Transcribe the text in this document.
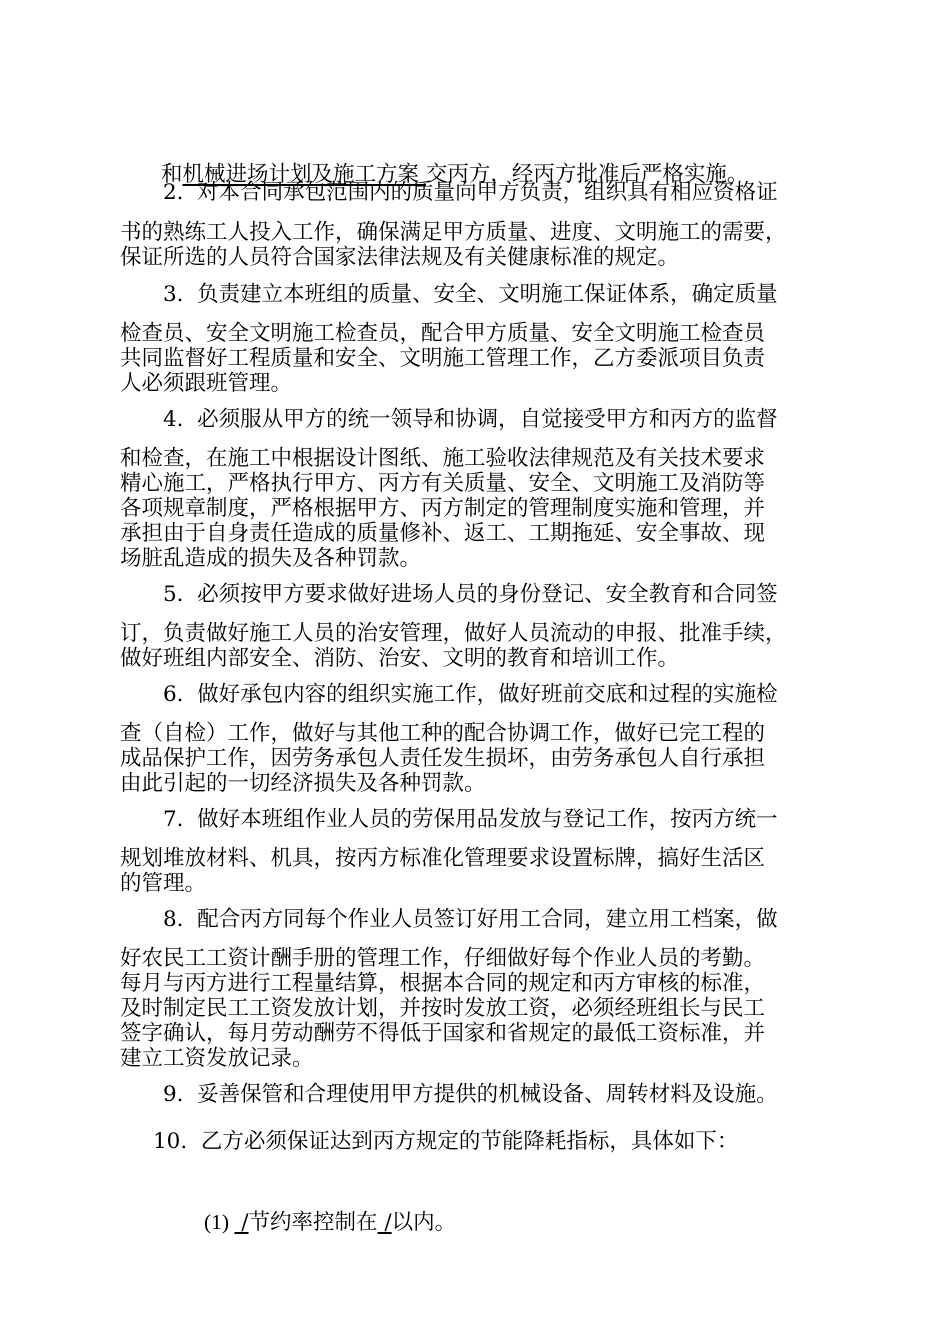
和机械进场计划及施工方案 交丙方，经丙方批准后严格实施。

2.  对本合同承包范围内的质量向甲方负责，组织具有相应资格证
书的熟练工人投入工作，确保满足甲方质量、进度、文明施工的需要，
保证所选的人员符合国家法律法规及有关健康标准的规定。
3.  负责建立本班组的质量、安全、文明施工保证体系，确定质量
检查员、安全文明施工检查员，配合甲方质量、安全文明施工检查员
共同监督好工程质量和安全、文明施工管理工作，乙方委派项目负责
人必须跟班管理。
4.  必须服从甲方的统一领导和协调，自觉接受甲方和丙方的监督
和检查，在施工中根据设计图纸、施工验收法律规范及有关技术要求
精心施工，严格执行甲方、丙方有关质量、安全、文明施工及消防等
各项规章制度，严格根据甲方、丙方制定的管理制度实施和管理，并
承担由于自身责任造成的质量修补、返工、工期拖延、安全事故、现
场脏乱造成的损失及各种罚款。
5.  必须按甲方要求做好进场人员的身份登记、安全教育和合同签
订，负责做好施工人员的治安管理，做好人员流动的申报、批准手续，
做好班组内部安全、消防、治安、文明的教育和培训工作。
6.  做好承包内容的组织实施工作，做好班前交底和过程的实施检
查（自检）工作，做好与其他工种的配合协调工作，做好已完工程的
成品保护工作，因劳务承包人责任发生损坏，由劳务承包人自行承担
由此引起的一切经济损失及各种罚款。
7.  做好本班组作业人员的劳保用品发放与登记工作，按丙方统一
规划堆放材料、机具，按丙方标准化管理要求设置标牌，搞好生活区
的管理。
8.  配合丙方同每个作业人员签订好用工合同，建立用工档案，做
好农民工工资计酬手册的管理工作，仔细做好每个作业人员的考勤。
每月与丙方进行工程量结算，根据本合同的规定和丙方审核的标准，
及时制定民工工资发放计划，并按时发放工资，必须经班组长与民工
签字确认，每月劳动酬劳不得低于国家和省规定的最低工资标准，并
建立工资发放记录。
9.  妥善保管和合理使用甲方提供的机械设备、周转材料及设施。
10.  乙方必须保证达到丙方规定的节能降耗指标，具体如下：

(1)  /节约率控制在 /以内。
